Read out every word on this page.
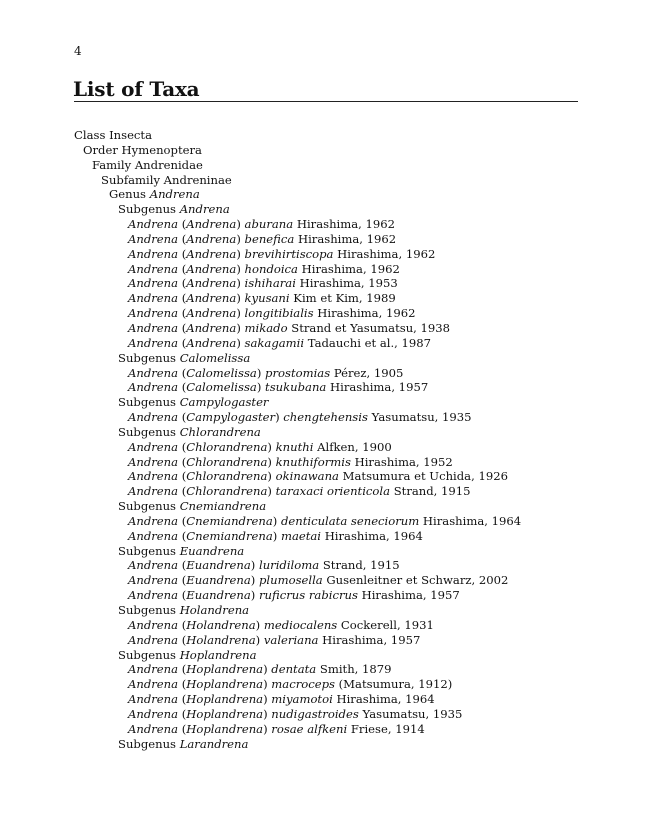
4
List of Taxa
Class Insecta
Order Hymenoptera
Family Andrenidae
Subfamily Andreninae
Genus Andrena
Subgenus Andrena
Andrena (Andrena) aburana Hirashima, 1962
Andrena (Andrena) benefica Hirashima, 1962
Andrena (Andrena) brevihirtiscopa Hirashima, 1962
Andrena (Andrena) hondoica Hirashima, 1962
Andrena (Andrena) ishiharai Hirashima, 1953
Andrena (Andrena) kyusani Kim et Kim, 1989
Andrena (Andrena) longitibialis Hirashima, 1962
Andrena (Andrena) mikado Strand et Yasumatsu, 1938
Andrena (Andrena) sakagamii Tadauchi et al., 1987
Subgenus Calomelissa
Andrena (Calomelissa) prostomias Pérez, 1905
Andrena (Calomelissa) tsukubana Hirashima, 1957
Subgenus Campylogaster
Andrena (Campylogaster) chengtehensis Yasumatsu, 1935
Subgenus Chlorandrena
Andrena (Chlorandrena) knuthi Alfken, 1900
Andrena (Chlorandrena) knuthiformis Hirashima, 1952
Andrena (Chlorandrena) okinawana Matsumura et Uchida, 1926
Andrena (Chlorandrena) taraxaci orienticola Strand, 1915
Subgenus Cnemiandrena
Andrena (Cnemiandrena) denticulata seneciorum Hirashima, 1964
Andrena (Cnemiandrena) maetai Hirashima, 1964
Subgenus Euandrena
Andrena (Euandrena) luridiloma Strand, 1915
Andrena (Euandrena) plumosella Gusenleitner et Schwarz, 2002
Andrena (Euandrena) ruficrus rabicrus Hirashima, 1957
Subgenus Holandrena
Andrena (Holandrena) mediocalens Cockerell, 1931
Andrena (Holandrena) valeriana Hirashima, 1957
Subgenus Hoplandrena
Andrena (Hoplandrena) dentata Smith, 1879
Andrena (Hoplandrena) macroceps (Matsumura, 1912)
Andrena (Hoplandrena) miyamotoi Hirashima, 1964
Andrena (Hoplandrena) nudigastroides Yasumatsu, 1935
Andrena (Hoplandrena) rosae alfkeni Friese, 1914
Subgenus Larandrena
